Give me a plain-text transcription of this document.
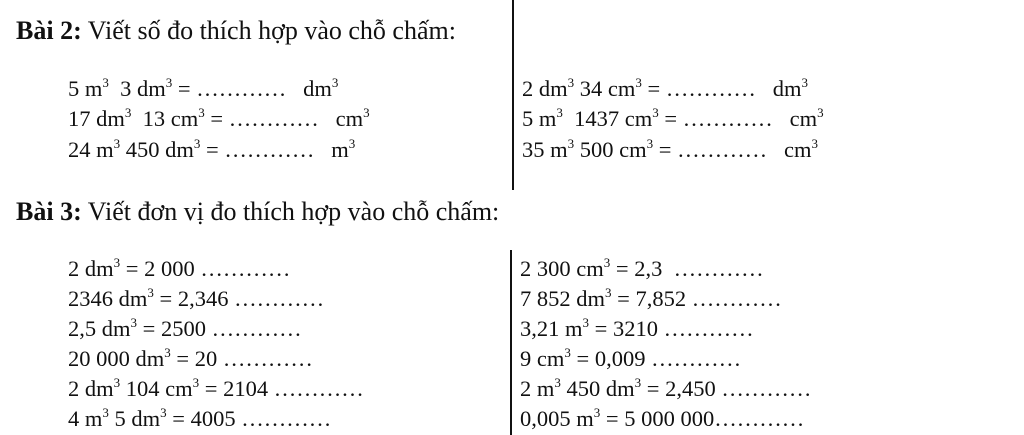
Bài 2: Viết số đo thích hợp vào chỗ chấm:
5 $m^3$  3 $dm^3$ = …………   $dm^3$
17 $dm^3$  13 $cm^3$ = …………   $cm^3$
24 $m^3$ 450 $dm^3$ = …………   $m^3$
2 $dm^3$ 34 $cm^3$ = …………   $dm^3$
5 $m^3$  1437 $cm^3$ = …………   $cm^3$
35 $m^3$ 500 $cm^3$ = …………   $cm^3$
Bài 3: Viết đơn vị đo thích hợp vào chỗ chấm:
2 $dm^3 = 2$ 000 …………
2346 $dm^3 = 2,346$ …………
2,5 $dm^3 = 2500$ …………
20 000 $dm^3 = 20$ …………
2 $dm^3$ 104 $cm^3 = 2104$ …………
4 $m^3$ 5 $dm^3 = 4005$ …………
2 300 $cm^3 = 2,3$  …………
7 852 $dm^3 = 7,852$ …………
3,21 $m^3 = 3210$ …………
9 $cm^3 = 0,009$ …………
2 $m^3$ 450 $dm^3 = 2,450$ …………
0,005 $m^3 = 5$ 000 000…………
